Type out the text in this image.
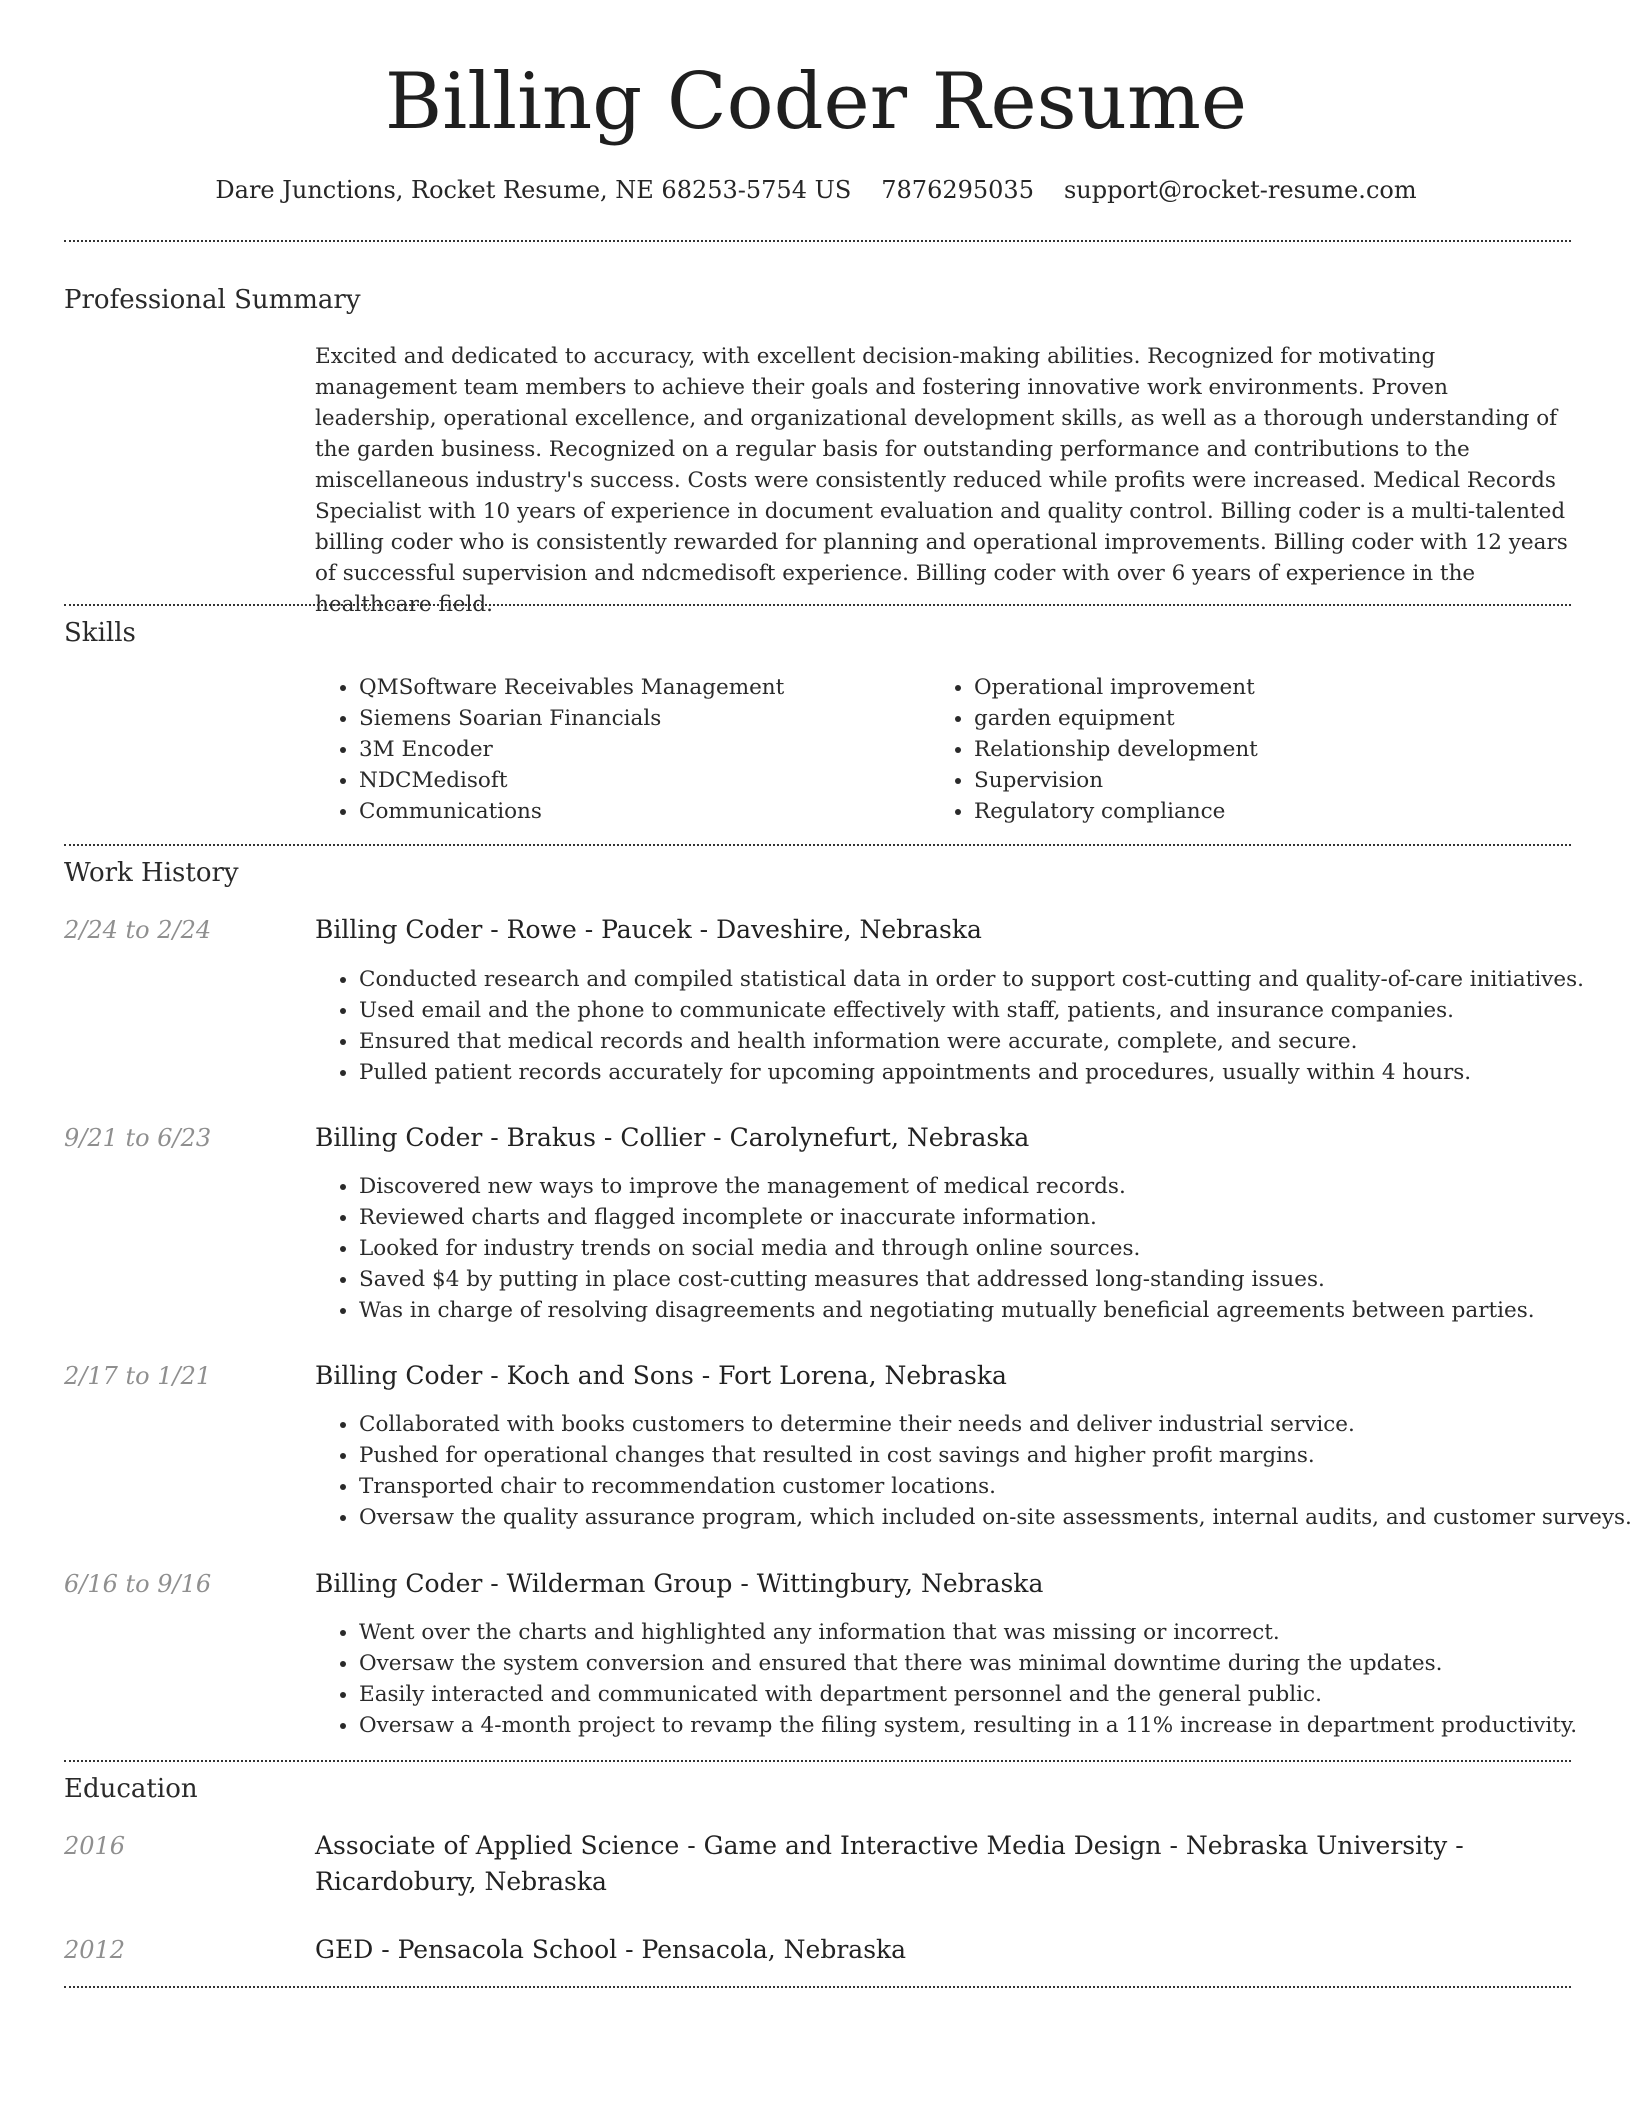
Billing Coder Resume
Dare Junctions, Rocket Resume, NE 68253-5754 US 7876295035 support@rocket-resume.com
Professional Summary

Excited and dedicated to accuracy, with excellent decision-making abilities. Recognized for motivating management team members to achieve their goals and fostering innovative work environments. Proven leadership, operational excellence, and organizational development skills, as well as a thorough understanding of the garden business. Recognized on a regular basis for outstanding performance and contributions to the miscellaneous industry's success. Costs were consistently reduced while profits were increased. Medical Records Specialist with 10 years of experience in document evaluation and quality control. Billing coder is a multi-talented billing coder who is consistently rewarded for planning and operational improvements. Billing coder with 12 years of successful supervision and ndcmedisoft experience. Billing coder with over 6 years of experience in the healthcare field.

Skills
• QMSoftware Receivables Management
• Siemens Soarian Financials
• 3M Encoder
• NDCMedisoft
• Communications
• Operational improvement
• garden equipment
• Relationship development
• Supervision
• Regulatory compliance
Work History
2/24 to 2/24	Billing Coder - Rowe - Paucek - Daveshire, Nebraska
• Conducted research and compiled statistical data in order to support cost-cutting and quality-of-care initiatives.
• Used email and the phone to communicate effectively with staff, patients, and insurance companies.
• Ensured that medical records and health information were accurate, complete, and secure.
• Pulled patient records accurately for upcoming appointments and procedures, usually within 4 hours.
9/21 to 6/23	Billing Coder - Brakus - Collier - Carolynefurt, Nebraska
• Discovered new ways to improve the management of medical records.
• Reviewed charts and flagged incomplete or inaccurate information.
• Looked for industry trends on social media and through online sources.
• Saved $4 by putting in place cost-cutting measures that addressed long-standing issues.
• Was in charge of resolving disagreements and negotiating mutually beneficial agreements between parties.
2/17 to 1/21	Billing Coder - Koch and Sons - Fort Lorena, Nebraska
• Collaborated with books customers to determine their needs and deliver industrial service.
• Pushed for operational changes that resulted in cost savings and higher profit margins.
• Transported chair to recommendation customer locations.
• Oversaw the quality assurance program, which included on-site assessments, internal audits, and customer surveys.
6/16 to 9/16	Billing Coder - Wilderman Group - Wittingbury, Nebraska
• Went over the charts and highlighted any information that was missing or incorrect.
• Oversaw the system conversion and ensured that there was minimal downtime during the updates.
• Easily interacted and communicated with department personnel and the general public.
• Oversaw a 4-month project to revamp the filing system, resulting in a 11% increase in department productivity.
Education
2016	Associate of Applied Science - Game and Interactive Media Design - Nebraska University - Ricardobury, Nebraska
2012	GED - Pensacola School - Pensacola, Nebraska
